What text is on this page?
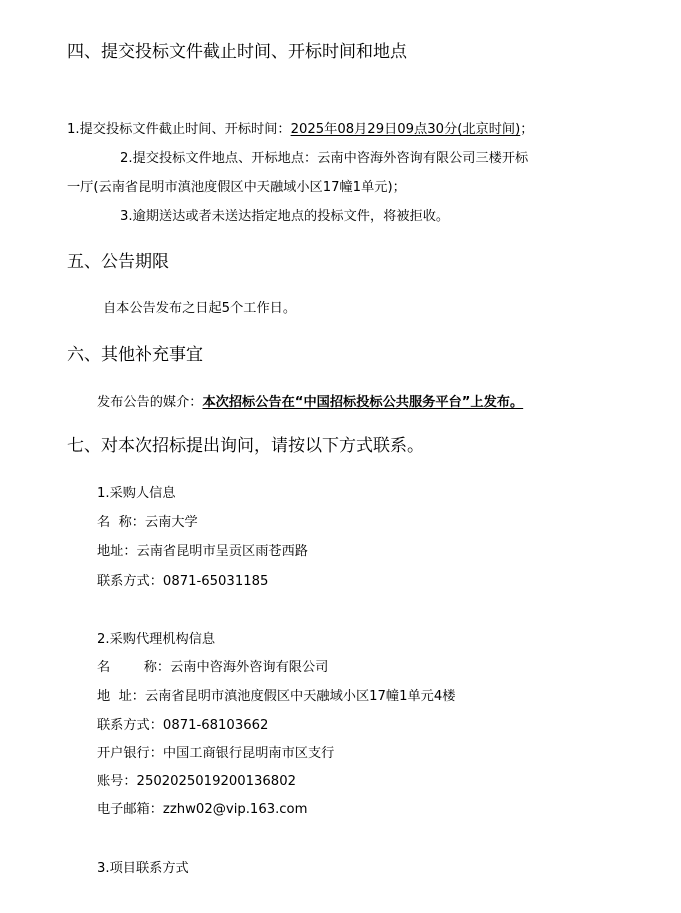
四、提交投标文件截止时间、开标时间和地点
1.提交投标文件截止时间、开标时间：2025年08月29日09点30分(北京时间)；
2.提交投标文件地点、开标地点：云南中咨海外咨询有限公司三楼开标
一厅(云南省昆明市滇池度假区中天融域小区17幢1单元)；
3.逾期送达或者未送达指定地点的投标文件，将被拒收。
五、公告期限
自本公告发布之日起5个工作日。
六、其他补充事宜
发布公告的媒介：本次招标公告在“中国招标投标公共服务平台”上发布。
七、对本次招标提出询问，请按以下方式联系。
1.采购人信息
名  称：云南大学
地址：云南省昆明市呈贡区雨苍西路
联系方式：0871-65031185
2.采购代理机构信息
名        称：云南中咨海外咨询有限公司
地  址：云南省昆明市滇池度假区中天融域小区17幢1单元4楼
联系方式：0871-68103662
开户银行：中国工商银行昆明南市区支行
账号：2502025019200136802
电子邮箱：zzhw02@vip.163.com
3.项目联系方式
